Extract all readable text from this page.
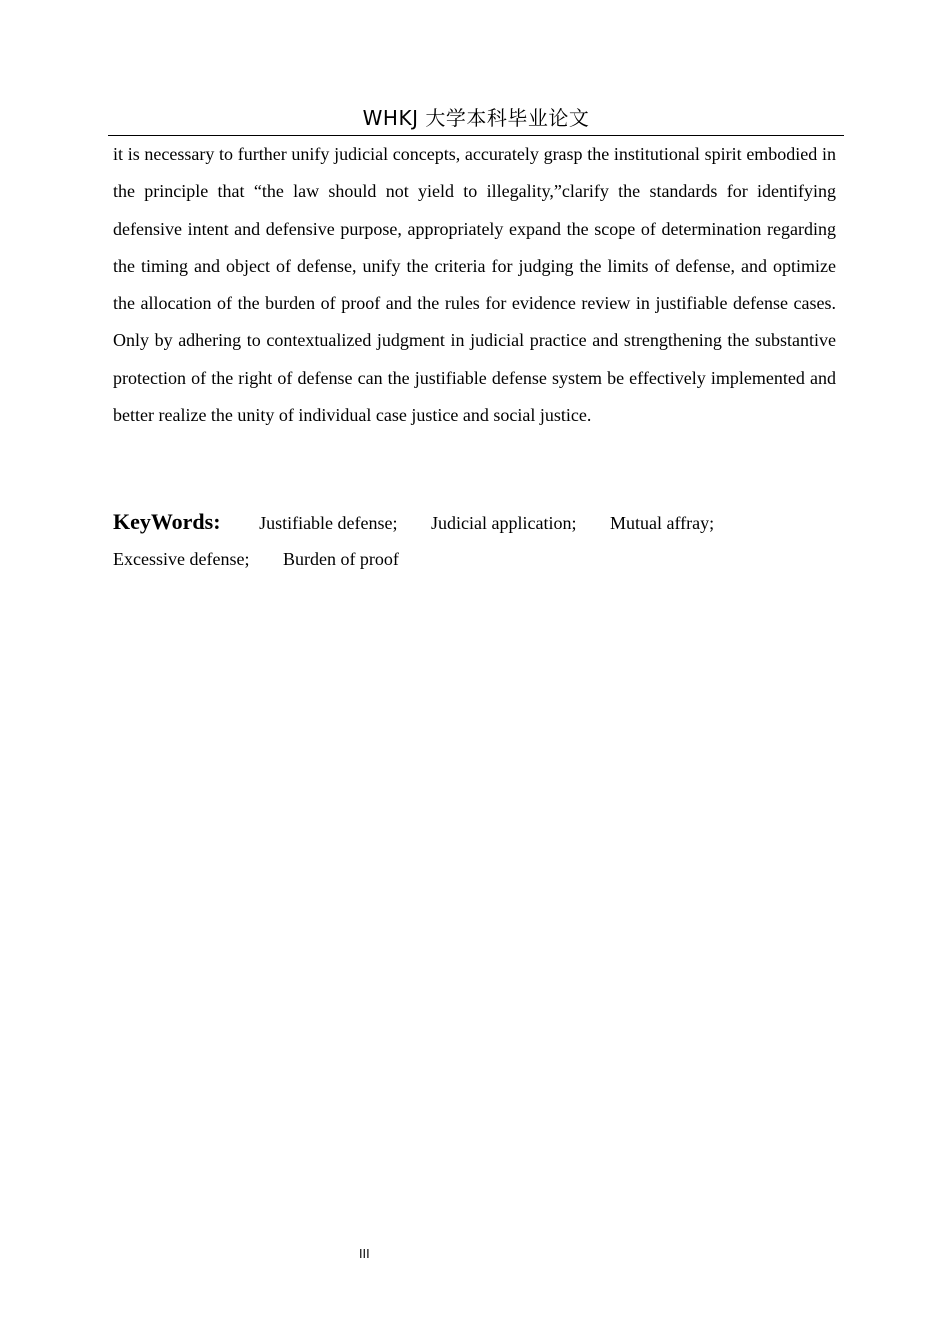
WHKJ 大学本科毕业论文

it is necessary to further unify judicial concepts, accurately grasp the institutional spirit embodied in the principle that “the law should not yield to illegality,”clarify the standards for identifying defensive intent and defensive purpose, appropriately expand the scope of determination regarding the timing and object of defense, unify the criteria for judging the limits of defense, and optimize the allocation of the burden of proof and the rules for evidence review in justifiable defense cases. Only by adhering to contextualized judgment in judicial practice and strengthening the substantive protection of the right of defense can the justifiable defense system be effectively implemented and better realize the unity of individual case justice and social justice.

KeyWords: Justifiable defense; Judicial application; Mutual affray;
Excessive defense; Burden of proof
III
